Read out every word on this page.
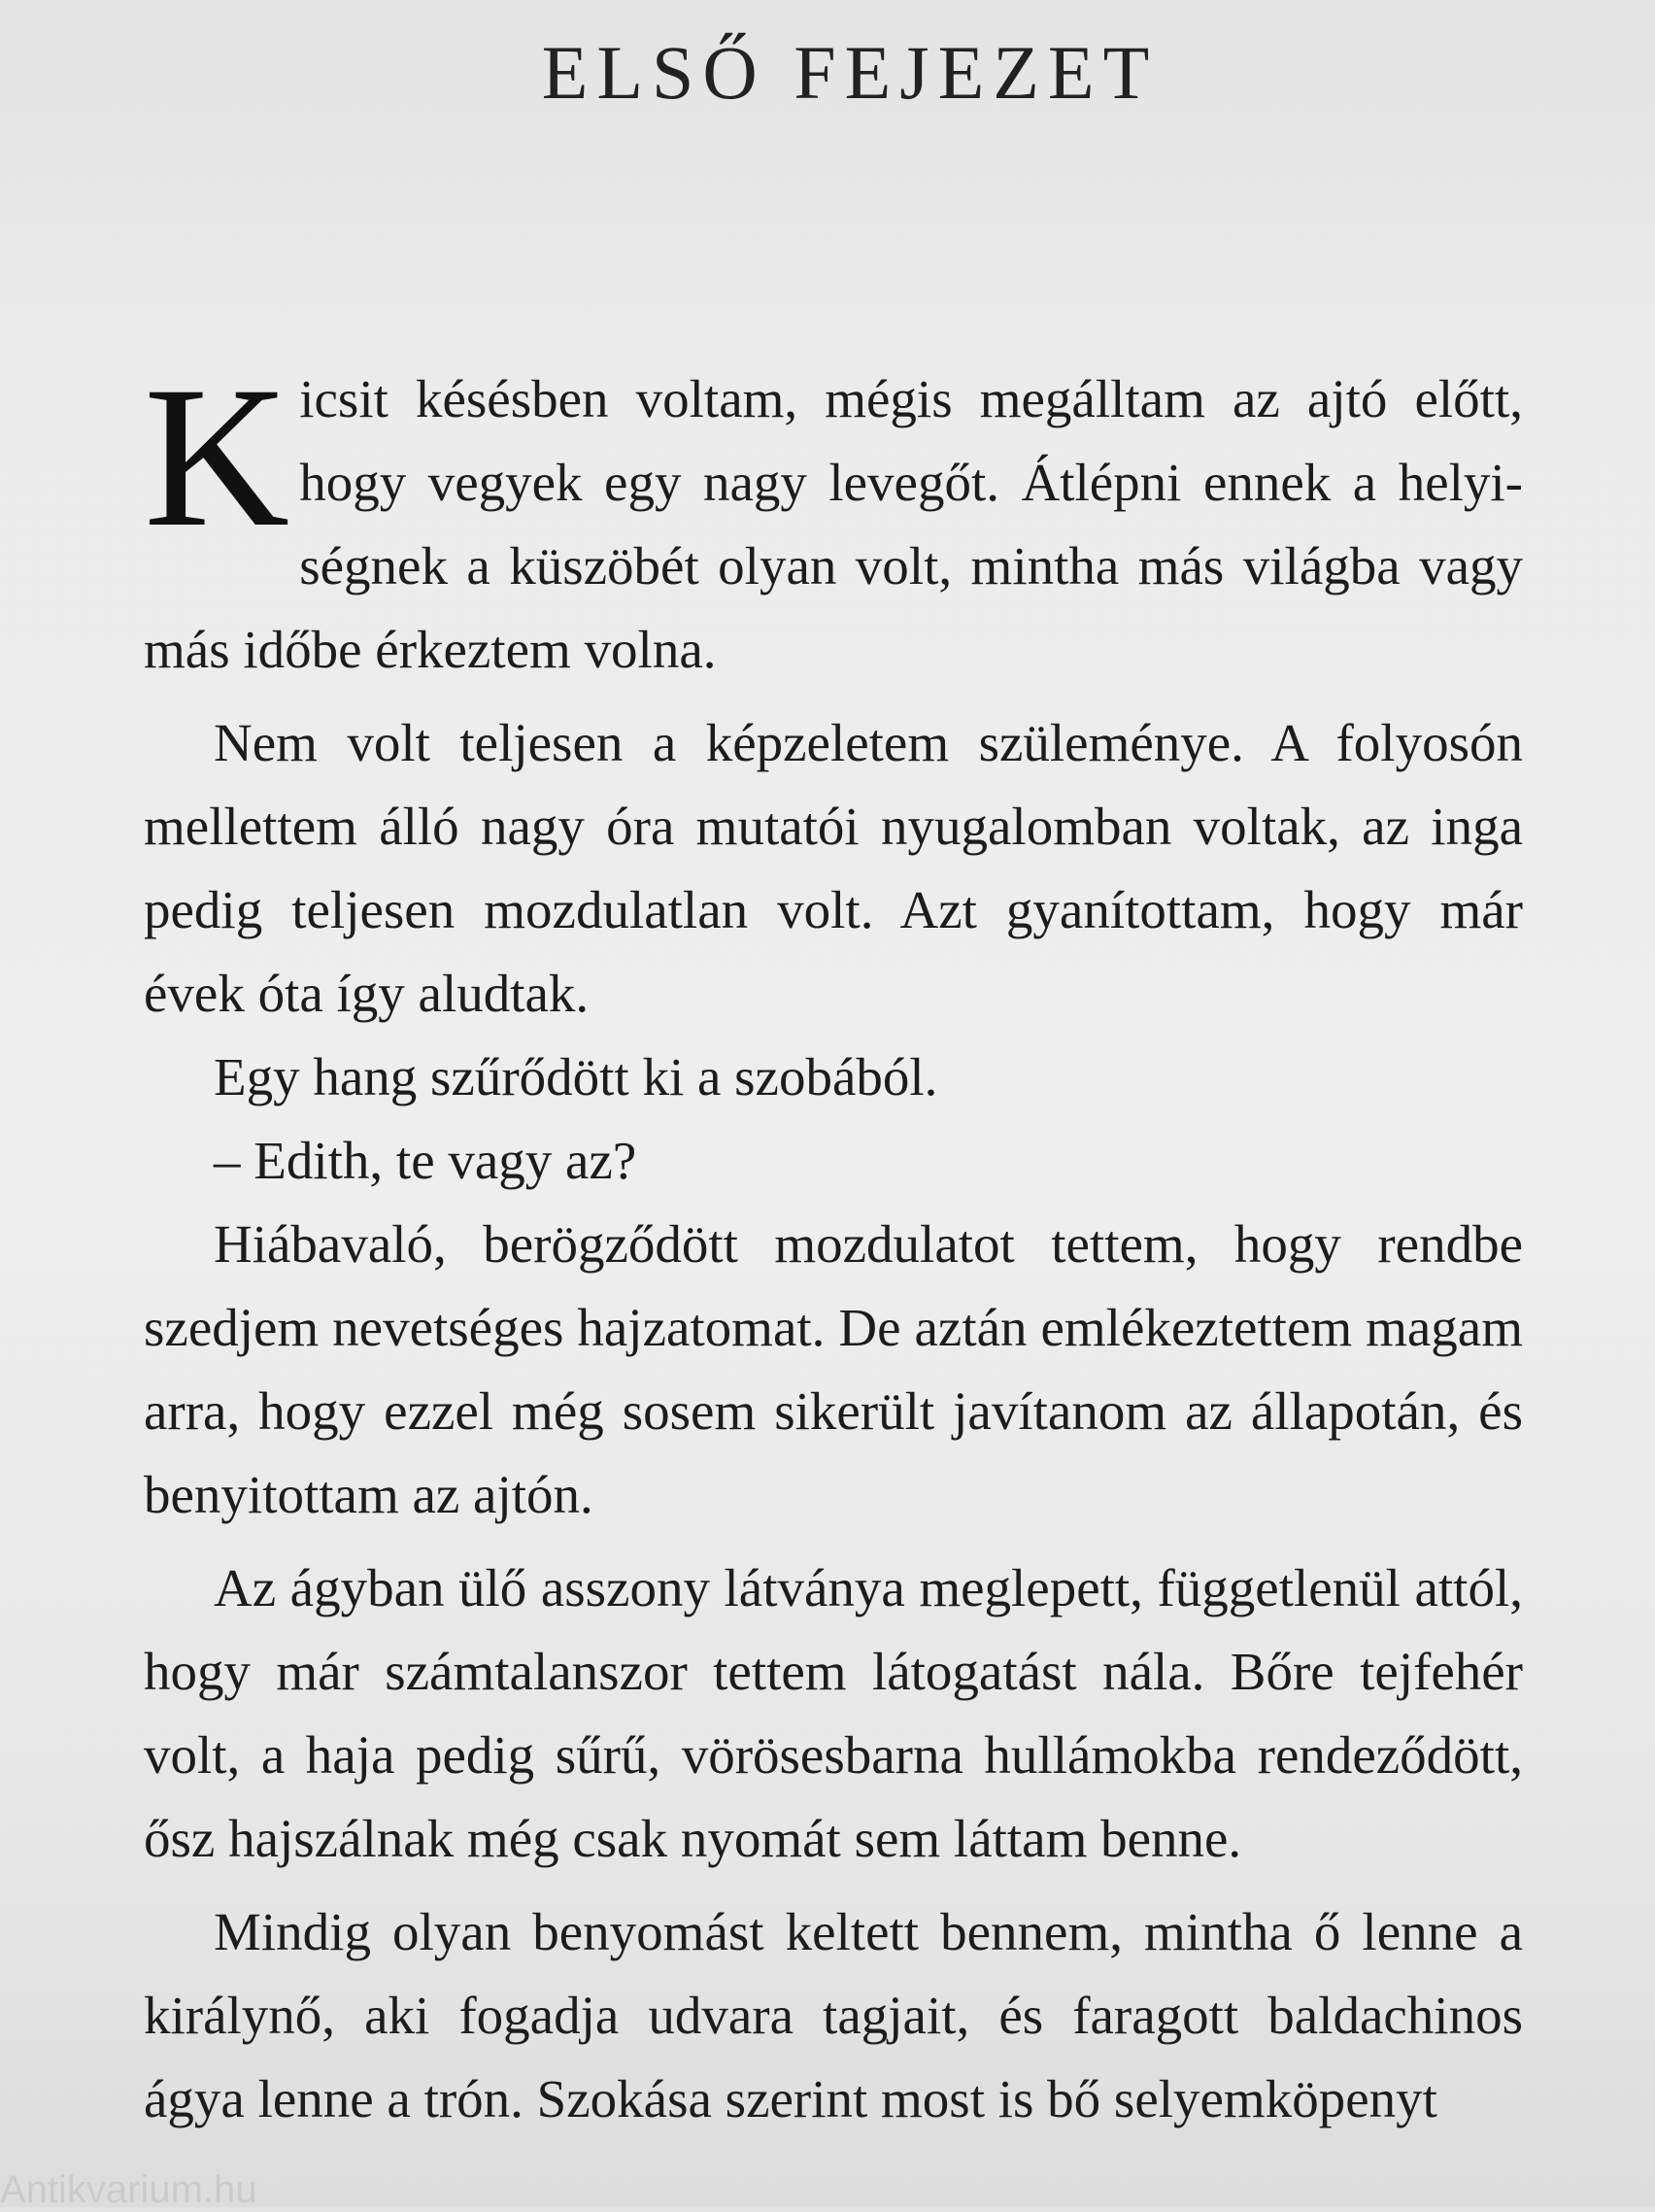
ELSŐ FEJEZET

Kicsit késésben voltam, mégis megálltam az ajtó előtt, hogy vegyek egy nagy levegőt. Átlépni ennek a helyiségnek a küszöbét olyan volt, mintha más világba vagy más időbe érkeztem volna.

Nem volt teljesen a képzeletem szüleménye. A folyosón mellettem álló nagy óra mutatói nyugalomban voltak, az inga pedig teljesen mozdulatlan volt. Azt gyanítottam, hogy már évek óta így aludtak.

Egy hang szűrődött ki a szobából.

– Edith, te vagy az?

Hiábavaló, berögződött mozdulatot tettem, hogy rendbe szedjem nevetséges hajzatomat. De aztán emlékeztettem magam arra, hogy ezzel még sosem sikerült javítanom az állapotán, és benyitottam az ajtón.

Az ágyban ülő asszony látványa meglepett, függetlenül attól, hogy már számtalanszor tettem látogatást nála. Bőre tejfehér volt, a haja pedig sűrű, vörösesbarna hullámokba rendeződött, ősz hajszálnak még csak nyomát sem láttam benne.

Mindig olyan benyomást keltett bennem, mintha ő lenne a királynő, aki fogadja udvara tagjait, és faragott baldachinos ágya lenne a trón. Szokása szerint most is bő selyemköpenyt

Antikvarium.hu
